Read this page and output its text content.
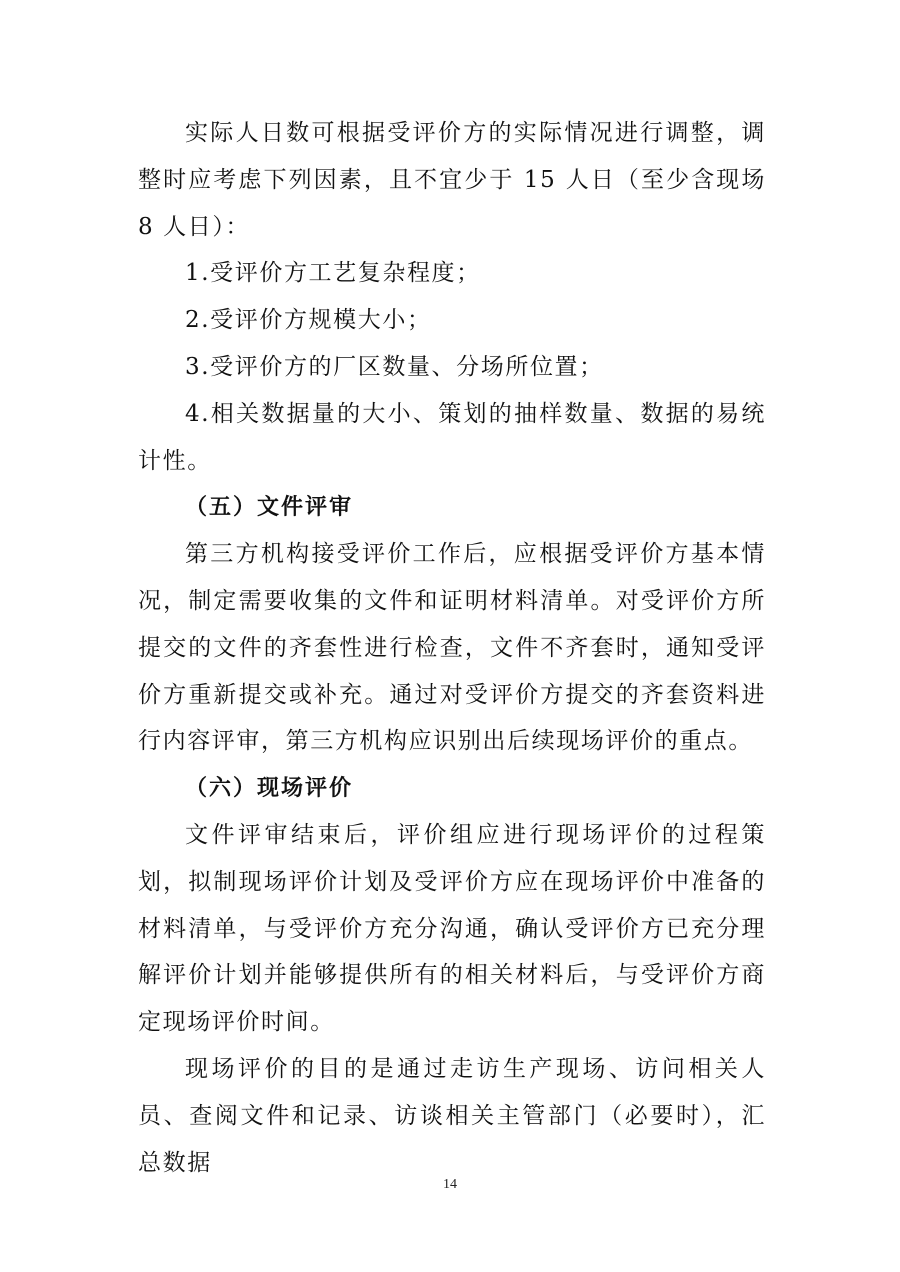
实际人日数可根据受评价方的实际情况进行调整，调整时应考虑下列因素，且不宜少于 15 人日（至少含现场 8 人日）：

1.受评价方工艺复杂程度；

2.受评价方规模大小；

3.受评价方的厂区数量、分场所位置；

4.相关数据量的大小、策划的抽样数量、数据的易统计性。

（五）文件评审

第三方机构接受评价工作后，应根据受评价方基本情况，制定需要收集的文件和证明材料清单。对受评价方所提交的文件的齐套性进行检查，文件不齐套时，通知受评价方重新提交或补充。通过对受评价方提交的齐套资料进行内容评审，第三方机构应识别出后续现场评价的重点。

（六）现场评价

文件评审结束后，评价组应进行现场评价的过程策划，拟制现场评价计划及受评价方应在现场评价中准备的材料清单，与受评价方充分沟通，确认受评价方已充分理解评价计划并能够提供所有的相关材料后，与受评价方商定现场评价时间。

现场评价的目的是通过走访生产现场、访问相关人员、查阅文件和记录、访谈相关主管部门（必要时），汇总数据

14
